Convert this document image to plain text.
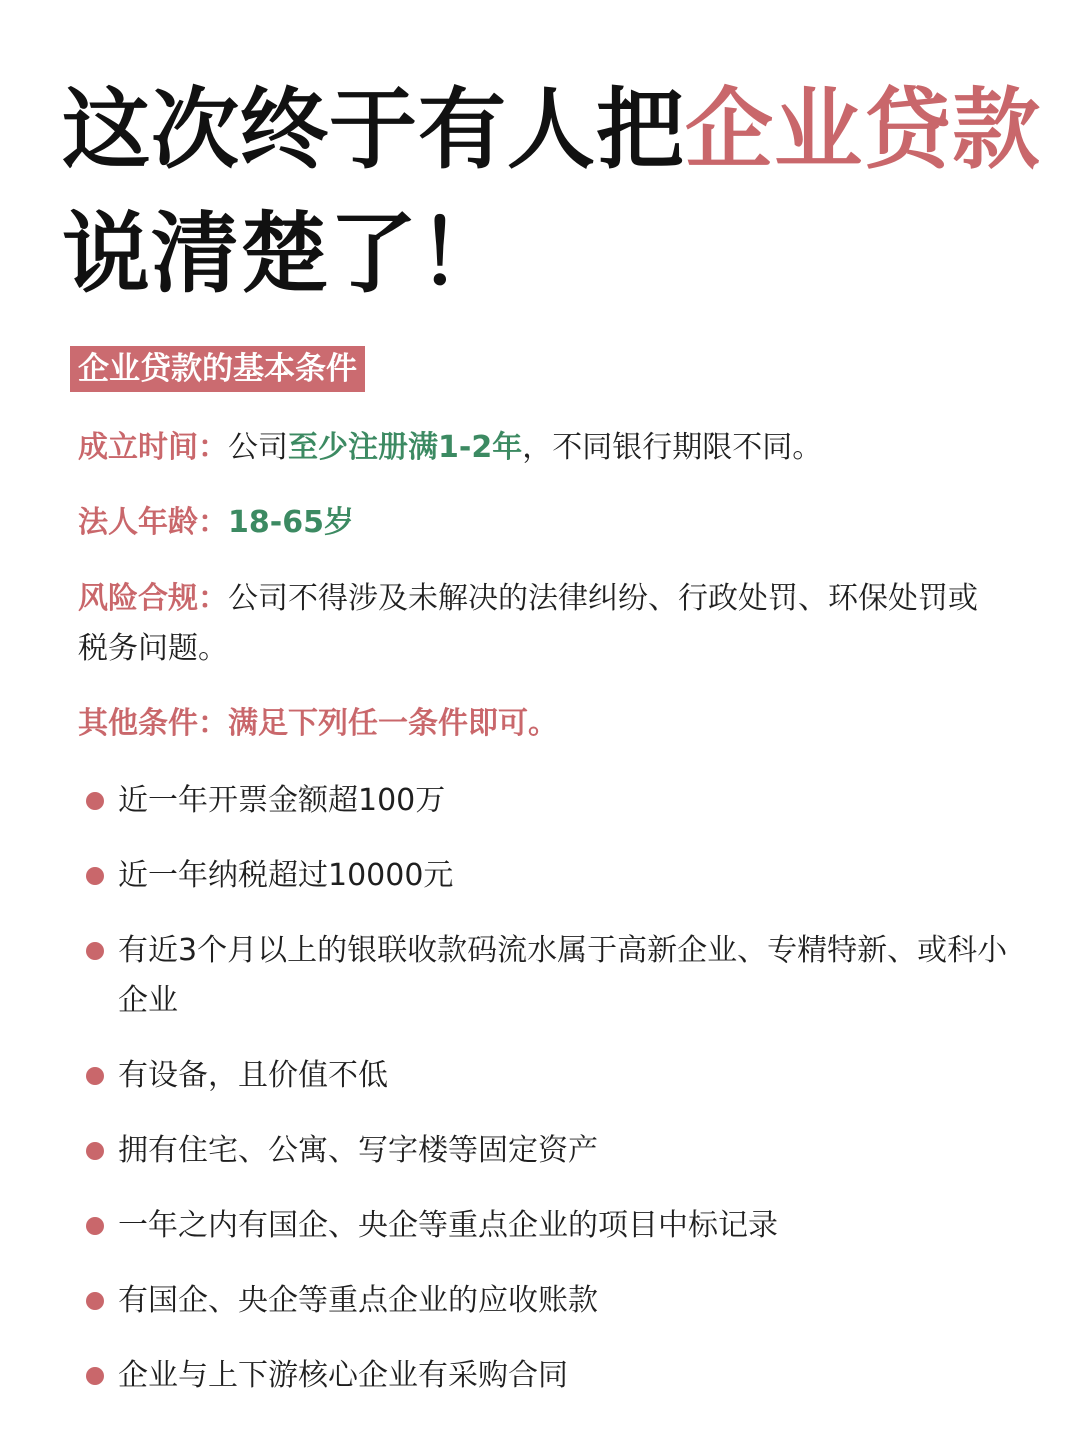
这次终于有人把企业贷款
说清楚了！
企业贷款的基本条件
成立时间：公司至少注册满1-2年，不同银行期限不同。
法人年龄：18-65岁
风险合规：公司不得涉及未解决的法律纠纷、行政处罚、环保处罚或税务问题。
其他条件：满足下列任一条件即可。
近一年开票金额超100万
近一年纳税超过10000元
有近3个月以上的银联收款码流水属于高新企业、专精特新、或科小企业
有设备，且价值不低
拥有住宅、公寓、写字楼等固定资产
一年之内有国企、央企等重点企业的项目中标记录
有国企、央企等重点企业的应收账款
企业与上下游核心企业有采购合同
